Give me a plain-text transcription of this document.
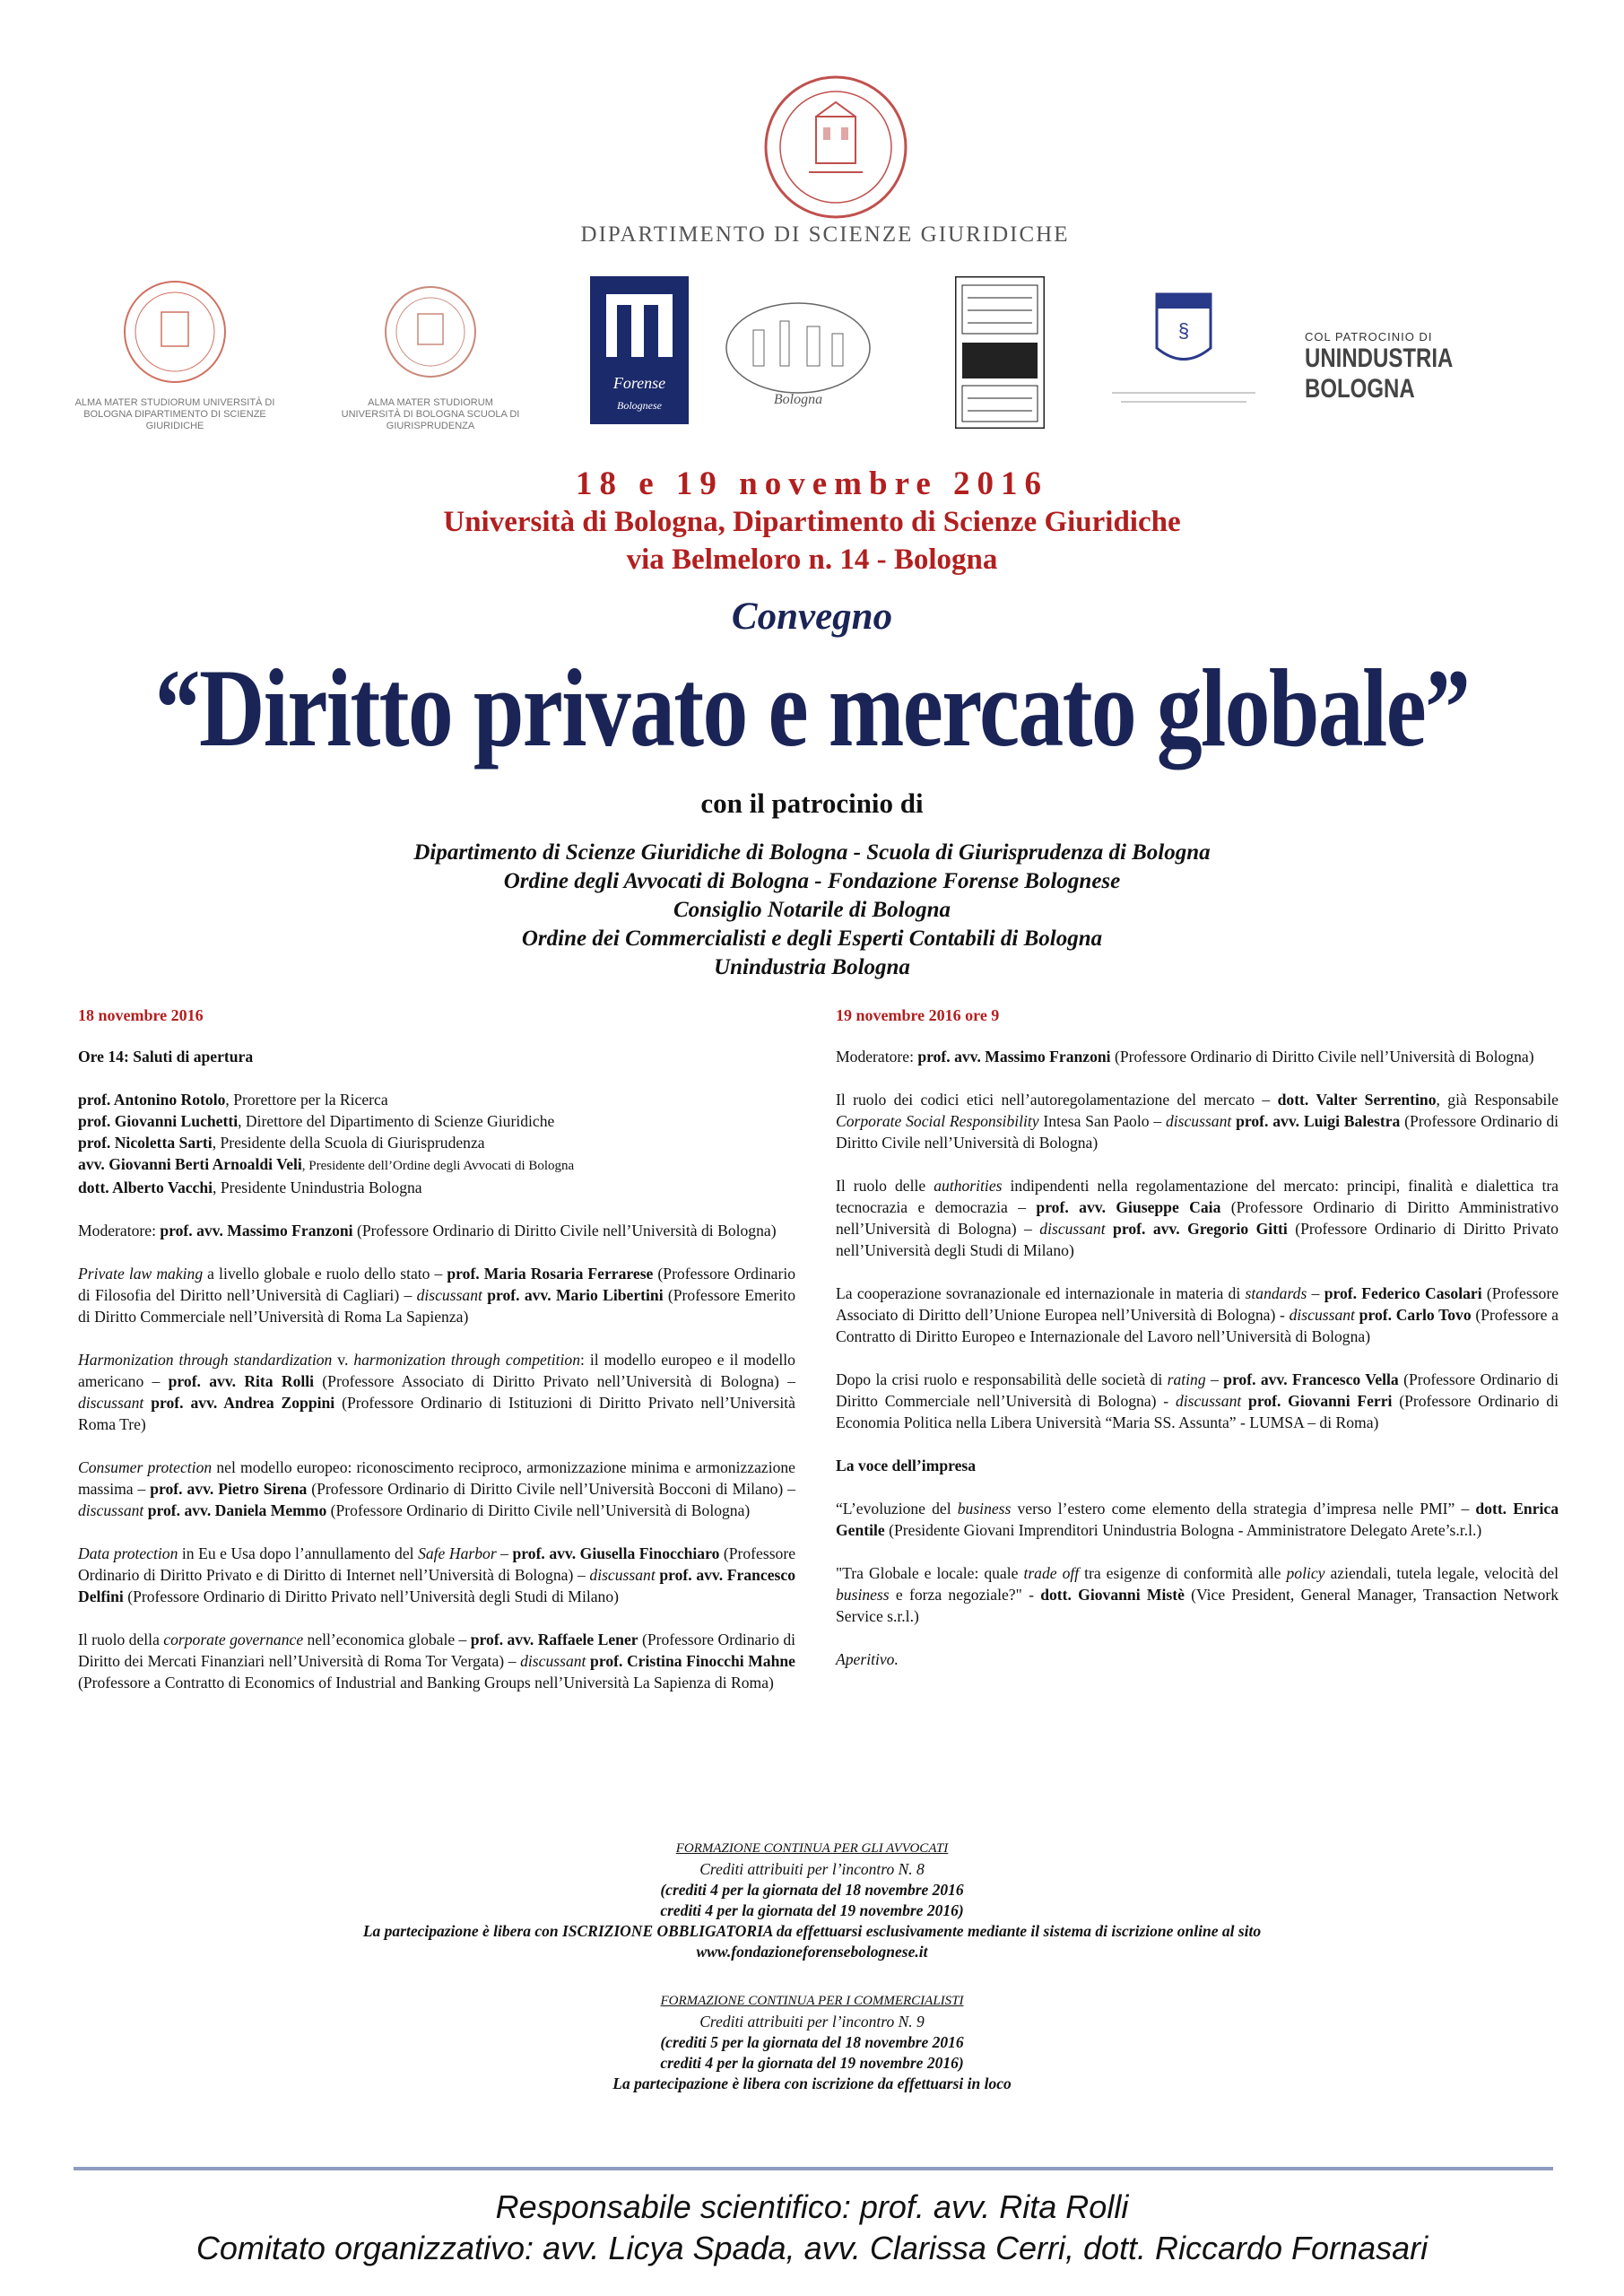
DIPARTIMENTO DI SCIENZE GIURIDICHE
ALMA MATER STUDIORUM UNIVERSITÀ DI BOLOGNA DIPARTIMENTO DI SCIENZE GIURIDICHE
ALMA MATER STUDIORUM UNIVERSITÀ DI BOLOGNA SCUOLA DI GIURISPRUDENZA
Forense
Bolognese	Bologna
§	COL PATROCINIO DI
UNINDUSTRIA BOLOGNA
18 e 19 novembre 2016
Università di Bologna, Dipartimento di Scienze Giuridiche
via Belmeloro n. 14 - Bologna
Convegno
“Diritto privato e mercato globale”
con il patrocinio di
Dipartimento di Scienze Giuridiche di Bologna - Scuola di Giurisprudenza di Bologna
Ordine degli Avvocati di Bologna - Fondazione Forense Bolognese
Consiglio Notarile di Bologna
Ordine dei Commercialisti e degli Esperti Contabili di Bologna
Unindustria Bologna
18 novembre 2016
Ore 14: Saluti di apertura

prof. Antonino Rotolo, Prorettore per la Ricerca

prof. Giovanni Luchetti, Direttore del Dipartimento di Scienze Giuridiche

prof. Nicoletta Sarti, Presidente della Scuola di Giurisprudenza

avv. Giovanni Berti Arnoaldi Veli, Presidente dell’Ordine degli Avvocati di Bologna

dott. Alberto Vacchi, Presidente Unindustria Bologna

Moderatore: prof. avv. Massimo Franzoni (Professore Ordinario di Diritto Civile nell’Università di Bologna)

Private law making a livello globale e ruolo dello stato – prof. Maria Rosaria Ferrarese (Professore Ordinario di Filosofia del Diritto nell’Università di Cagliari) – discussant prof. avv. Mario Libertini (Professore Emerito di Diritto Commerciale nell’Università di Roma La Sapienza)

Harmonization through standardization v. harmonization through competition: il modello europeo e il modello americano – prof. avv. Rita Rolli (Professore Associato di Diritto Privato nell’Università di Bologna) – discussant prof. avv. Andrea Zoppini (Professore Ordinario di Istituzioni di Diritto Privato nell’Università Roma Tre)

Consumer protection nel modello europeo: riconoscimento reciproco, armonizzazione minima e armonizzazione massima – prof. avv. Pietro Sirena (Professore Ordinario di Diritto Civile nell’Università Bocconi di Milano) – discussant prof. avv. Daniela Memmo (Professore Ordinario di Diritto Civile nell’Università di Bologna)

Data protection in Eu e Usa dopo l’annullamento del Safe Harbor – prof. avv. Giusella Finocchiaro (Professore Ordinario di Diritto Privato e di Diritto di Internet nell’Università di Bologna) – discussant prof. avv. Francesco Delfini (Professore Ordinario di Diritto Privato nell’Università degli Studi di Milano)

Il ruolo della corporate governance nell’economica globale – prof. avv. Raffaele Lener (Professore Ordinario di Diritto dei Mercati Finanziari nell’Università di Roma Tor Vergata) – discussant prof. Cristina Finocchi Mahne (Professore a Contratto di Economics of Industrial and Banking Groups nell’Università La Sapienza di Roma)

19 novembre 2016 ore 9

Moderatore: prof. avv. Massimo Franzoni (Professore Ordinario di Diritto Civile nell’Università di Bologna)

Il ruolo dei codici etici nell’autoregolamentazione del mercato – dott. Valter Serrentino, già Responsabile Corporate Social Responsibility Intesa San Paolo – discussant prof. avv. Luigi Balestra (Professore Ordinario di Diritto Civile nell’Università di Bologna)

Il ruolo delle authorities indipendenti nella regolamentazione del mercato: principi, finalità e dialettica tra tecnocrazia e democrazia – prof. avv. Giuseppe Caia (Professore Ordinario di Diritto Amministrativo nell’Università di Bologna) – discussant prof. avv. Gregorio Gitti (Professore Ordinario di Diritto Privato nell’Università degli Studi di Milano)

La cooperazione sovranazionale ed internazionale in materia di standards – prof. Federico Casolari (Professore Associato di Diritto dell’Unione Europea nell’Università di Bologna) - discussant prof. Carlo Tovo (Professore a Contratto di Diritto Europeo e Internazionale del Lavoro nell’Università di Bologna)

Dopo la crisi ruolo e responsabilità delle società di rating – prof. avv. Francesco Vella (Professore Ordinario di Diritto Commerciale nell’Università di Bologna) - discussant prof. Giovanni Ferri (Professore Ordinario di Economia Politica nella Libera Università “Maria SS. Assunta” - LUMSA – di Roma)

La voce dell’impresa

“L’evoluzione del business verso l’estero come elemento della strategia d’impresa nelle PMI” – dott. Enrica Gentile (Presidente Giovani Imprenditori Unindustria Bologna - Amministratore Delegato Arete’s.r.l.)

"Tra Globale e locale: quale trade off tra esigenze di conformità alle policy aziendali, tutela legale, velocità del business e forza negoziale?" - dott. Giovanni Mistè (Vice President, General Manager, Transaction Network Service s.r.l.)

Aperitivo.

FORMAZIONE CONTINUA PER GLI AVVOCATI
Crediti attribuiti per l’incontro N. 8
(crediti 4 per la giornata del 18 novembre 2016
crediti 4 per la giornata del 19 novembre 2016)
La partecipazione è libera con ISCRIZIONE OBBLIGATORIA da effettuarsi esclusivamente mediante il sistema di iscrizione online al sito
www.fondazioneforensebolognese.it
FORMAZIONE CONTINUA PER I COMMERCIALISTI
Crediti attribuiti per l’incontro N. 9
(crediti 5 per la giornata del 18 novembre 2016
crediti 4 per la giornata del 19 novembre 2016)
La partecipazione è libera con iscrizione da effettuarsi in loco
Responsabile scientifico: prof. avv. Rita Rolli
Comitato organizzativo: avv. Licya Spada, avv. Clarissa Cerri, dott. Riccardo Fornasari
